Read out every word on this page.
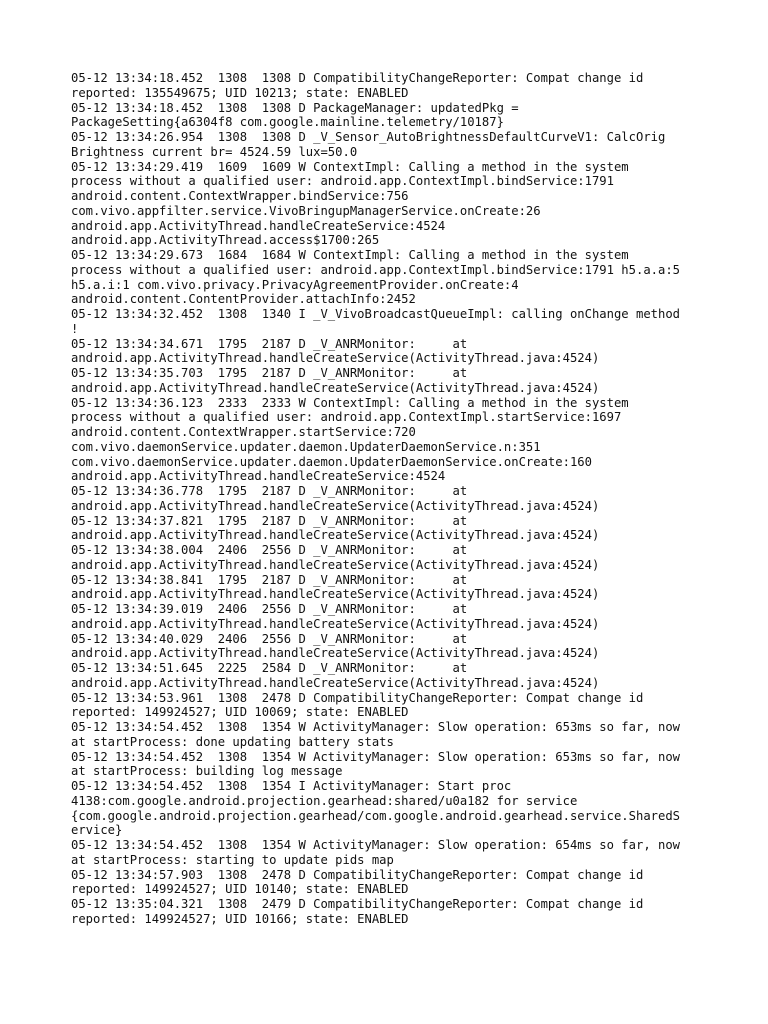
05-12 13:34:18.452  1308  1308 D CompatibilityChangeReporter: Compat change id
reported: 135549675; UID 10213; state: ENABLED
05-12 13:34:18.452  1308  1308 D PackageManager: updatedPkg =
PackageSetting{a6304f8 com.google.mainline.telemetry/10187}
05-12 13:34:26.954  1308  1308 D _V_Sensor_AutoBrightnessDefaultCurveV1: CalcOrig
Brightness current br= 4524.59 lux=50.0
05-12 13:34:29.419  1609  1609 W ContextImpl: Calling a method in the system
process without a qualified user: android.app.ContextImpl.bindService:1791
android.content.ContextWrapper.bindService:756
com.vivo.appfilter.service.VivoBringupManagerService.onCreate:26
android.app.ActivityThread.handleCreateService:4524
android.app.ActivityThread.access$1700:265
05-12 13:34:29.673  1684  1684 W ContextImpl: Calling a method in the system
process without a qualified user: android.app.ContextImpl.bindService:1791 h5.a.a:5
h5.a.i:1 com.vivo.privacy.PrivacyAgreementProvider.onCreate:4
android.content.ContentProvider.attachInfo:2452
05-12 13:34:32.452  1308  1340 I _V_VivoBroadcastQueueImpl: calling onChange method
!
05-12 13:34:34.671  1795  2187 D _V_ANRMonitor:     at
android.app.ActivityThread.handleCreateService(ActivityThread.java:4524)
05-12 13:34:35.703  1795  2187 D _V_ANRMonitor:     at
android.app.ActivityThread.handleCreateService(ActivityThread.java:4524)
05-12 13:34:36.123  2333  2333 W ContextImpl: Calling a method in the system
process without a qualified user: android.app.ContextImpl.startService:1697
android.content.ContextWrapper.startService:720
com.vivo.daemonService.updater.daemon.UpdaterDaemonService.n:351
com.vivo.daemonService.updater.daemon.UpdaterDaemonService.onCreate:160
android.app.ActivityThread.handleCreateService:4524
05-12 13:34:36.778  1795  2187 D _V_ANRMonitor:     at
android.app.ActivityThread.handleCreateService(ActivityThread.java:4524)
05-12 13:34:37.821  1795  2187 D _V_ANRMonitor:     at
android.app.ActivityThread.handleCreateService(ActivityThread.java:4524)
05-12 13:34:38.004  2406  2556 D _V_ANRMonitor:     at
android.app.ActivityThread.handleCreateService(ActivityThread.java:4524)
05-12 13:34:38.841  1795  2187 D _V_ANRMonitor:     at
android.app.ActivityThread.handleCreateService(ActivityThread.java:4524)
05-12 13:34:39.019  2406  2556 D _V_ANRMonitor:     at
android.app.ActivityThread.handleCreateService(ActivityThread.java:4524)
05-12 13:34:40.029  2406  2556 D _V_ANRMonitor:     at
android.app.ActivityThread.handleCreateService(ActivityThread.java:4524)
05-12 13:34:51.645  2225  2584 D _V_ANRMonitor:     at
android.app.ActivityThread.handleCreateService(ActivityThread.java:4524)
05-12 13:34:53.961  1308  2478 D CompatibilityChangeReporter: Compat change id
reported: 149924527; UID 10069; state: ENABLED
05-12 13:34:54.452  1308  1354 W ActivityManager: Slow operation: 653ms so far, now
at startProcess: done updating battery stats
05-12 13:34:54.452  1308  1354 W ActivityManager: Slow operation: 653ms so far, now
at startProcess: building log message
05-12 13:34:54.452  1308  1354 I ActivityManager: Start proc
4138:com.google.android.projection.gearhead:shared/u0a182 for service
{com.google.android.projection.gearhead/com.google.android.gearhead.service.SharedS
ervice}
05-12 13:34:54.452  1308  1354 W ActivityManager: Slow operation: 654ms so far, now
at startProcess: starting to update pids map
05-12 13:34:57.903  1308  2478 D CompatibilityChangeReporter: Compat change id
reported: 149924527; UID 10140; state: ENABLED
05-12 13:35:04.321  1308  2479 D CompatibilityChangeReporter: Compat change id
reported: 149924527; UID 10166; state: ENABLED
